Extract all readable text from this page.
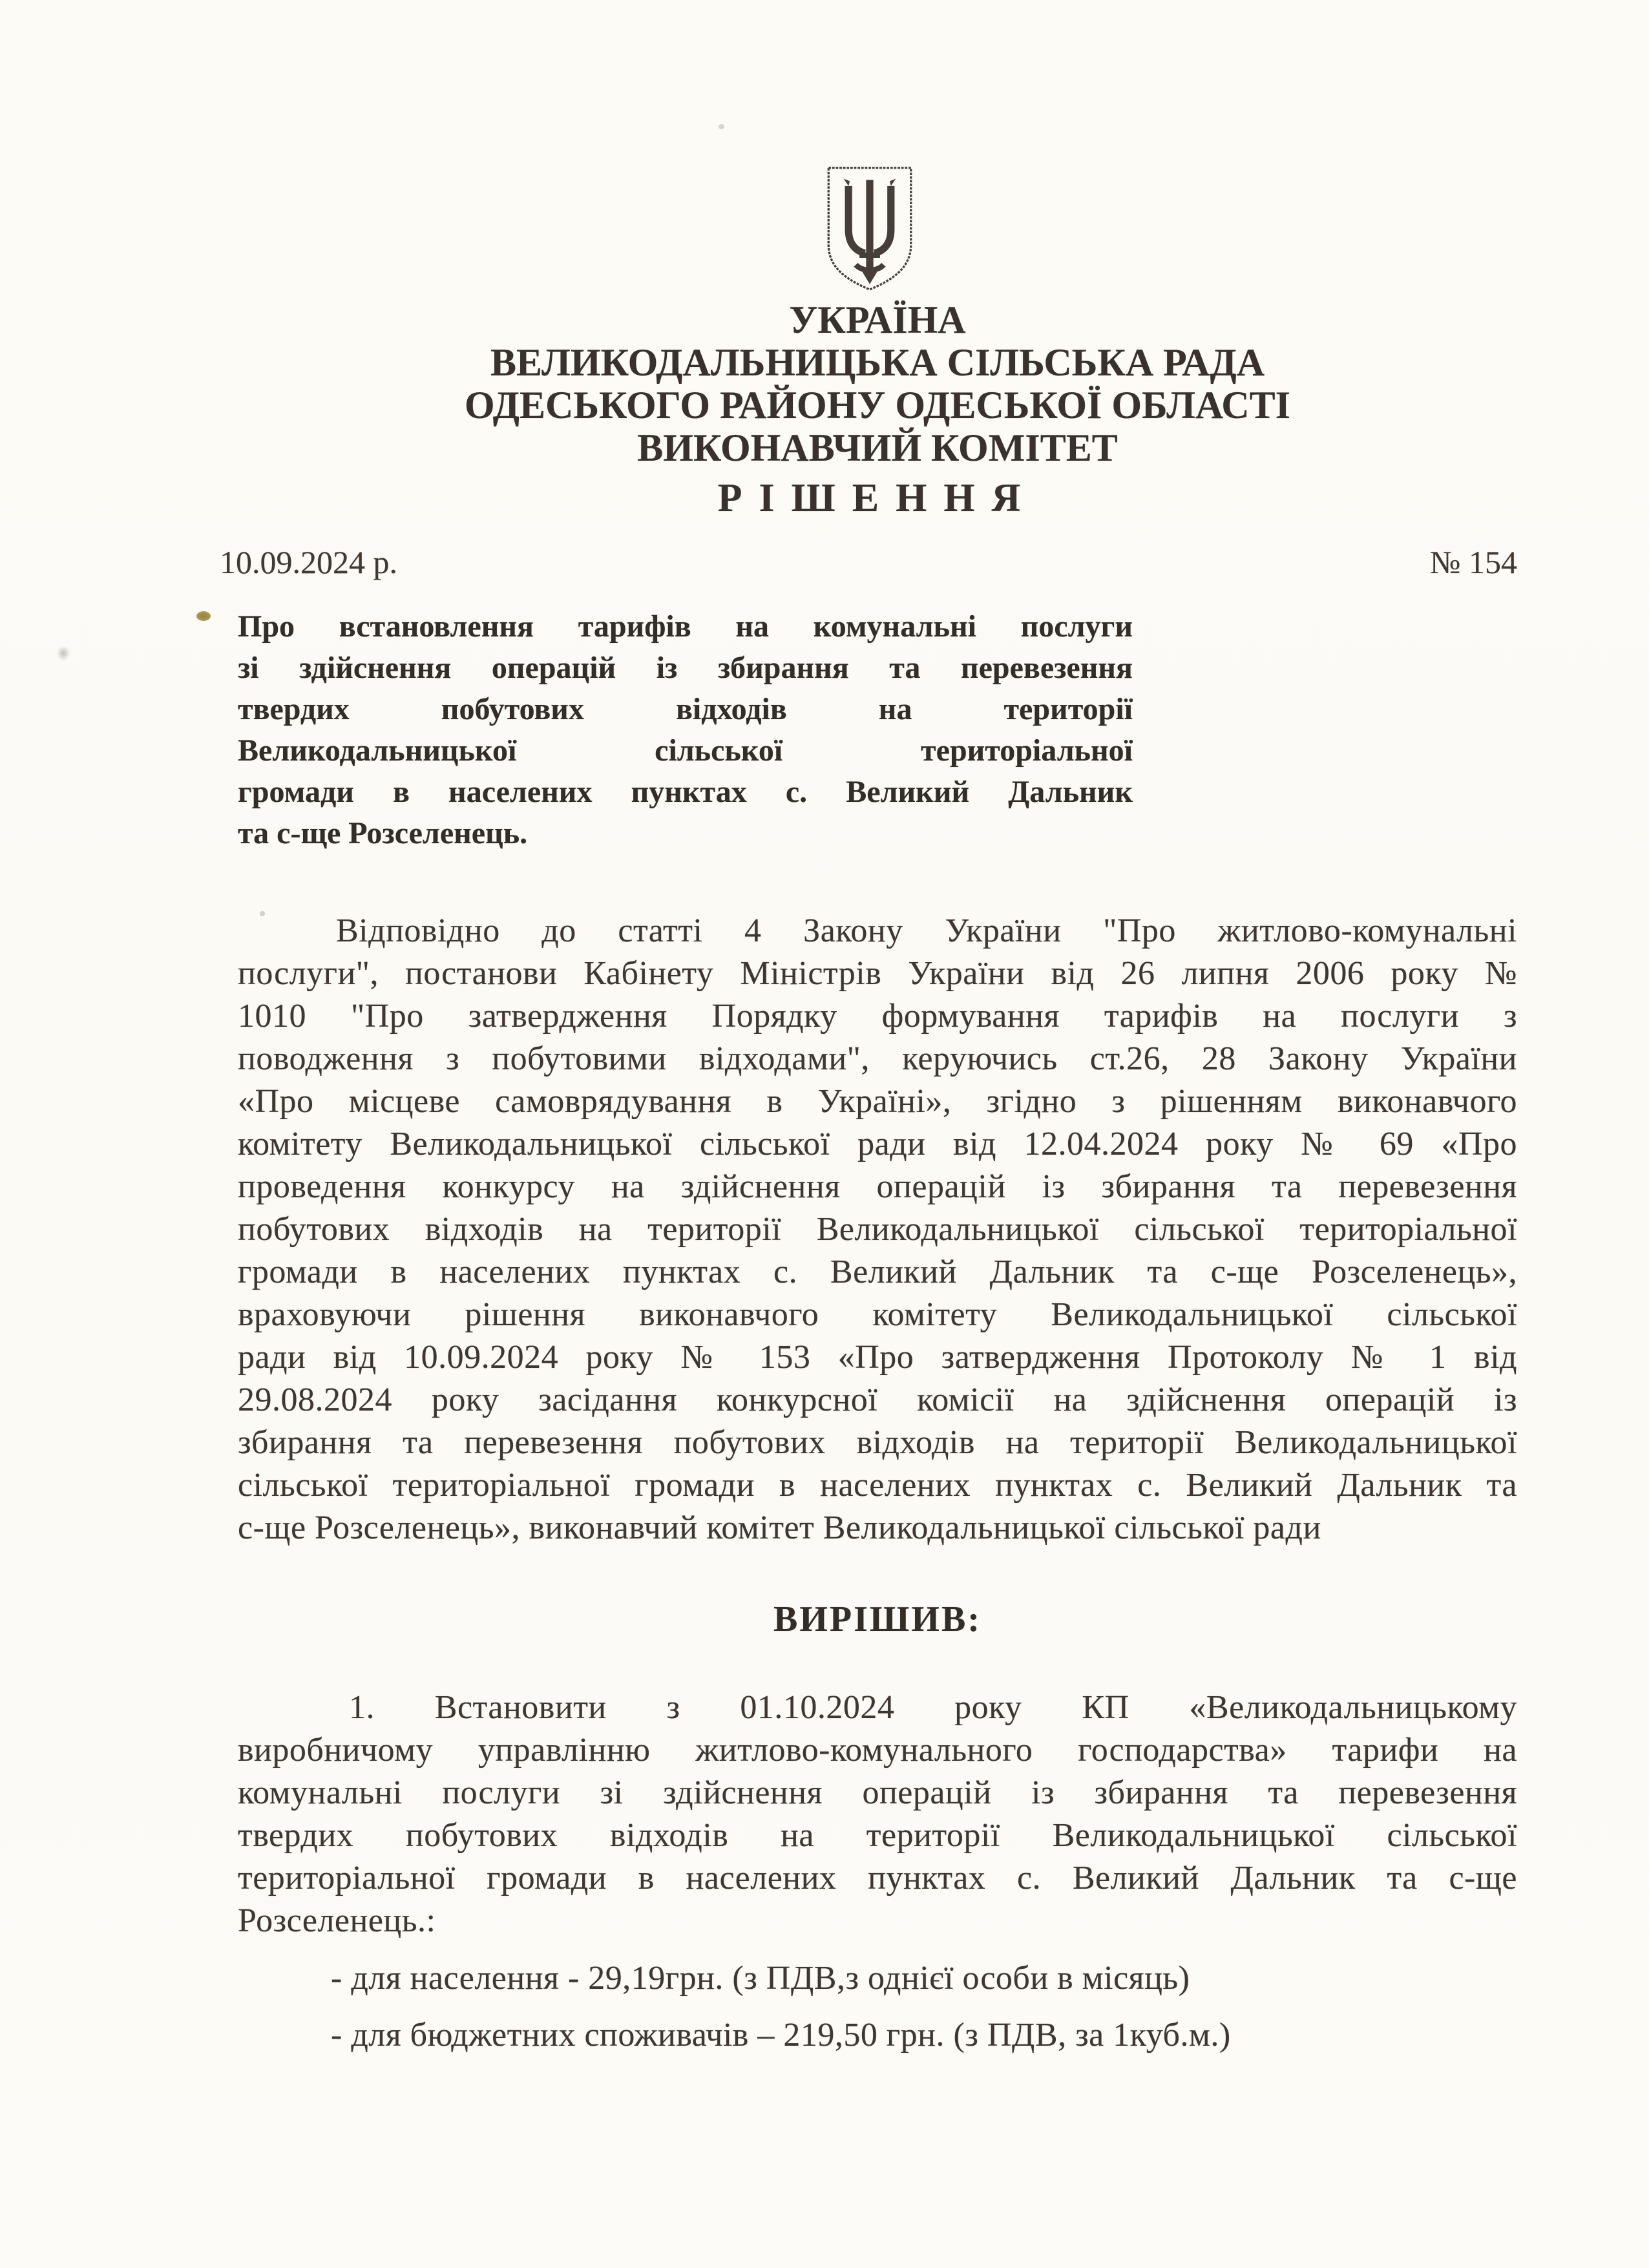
УКРАЇНА
ВЕЛИКОДАЛЬНИЦЬКА СІЛЬСЬКА РАДА
ОДЕСЬКОГО РАЙОНУ ОДЕСЬКОЇ ОБЛАСТІ
ВИКОНАВЧИЙ КОМІТЕТ
РІШЕННЯ
10.09.2024 р.	№ 154
Про встановлення тарифів на комунальні послуги
зі здійснення операцій із збирання та перевезення
твердих побутових відходів на території
Великодальницької сільської територіальної
громади в населених пунктах с. Великий Дальник
та с-ще Розселенець.
Відповідно до статті 4 Закону України "Про житлово-комунальні
послуги", постанови Кабінету Міністрів України від 26 липня 2006 року №
1010 "Про затвердження Порядку формування тарифів на послуги з
поводження з побутовими відходами", керуючись ст.26, 28 Закону України
«Про місцеве самоврядування в Україні», згідно з рішенням виконавчого
комітету Великодальницької сільської ради від 12.04.2024 року № 69 «Про
проведення конкурсу на здійснення операцій із збирання та перевезення
побутових відходів на території Великодальницької сільської територіальної
громади в населених пунктах с. Великий Дальник та с-ще Розселенець»,
враховуючи рішення виконавчого комітету Великодальницької сільської
ради від 10.09.2024 року № 153 «Про затвердження Протоколу № 1 від
29.08.2024 року засідання конкурсної комісії на здійснення операцій із
збирання та перевезення побутових відходів на території Великодальницької
сільської територіальної громади в населених пунктах с. Великий Дальник та
с-ще Розселенець», виконавчий комітет Великодальницької сільської ради
ВИРІШИВ:
1. Встановити з 01.10.2024 року КП «Великодальницькому
виробничому управлінню житлово-комунального господарства» тарифи на
комунальні послуги зі здійснення операцій із збирання та перевезення
твердих побутових відходів на території Великодальницької сільської
територіальної громади в населених пунктах с. Великий Дальник та с-ще
Розселенець.:
- для населення - 29,19грн. (з ПДВ,з однієї особи в місяць)
- для бюджетних споживачів – 219,50 грн. (з ПДВ, за 1куб.м.)
